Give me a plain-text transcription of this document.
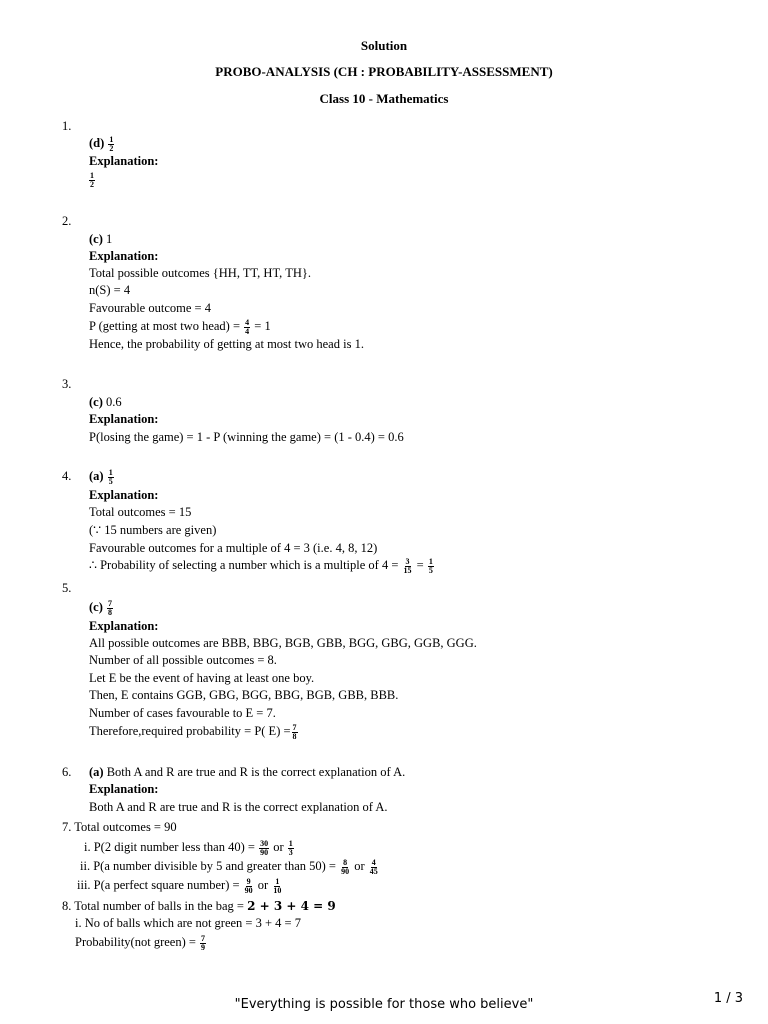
Solution
PROBO-ANALYSIS (CH : PROBABILITY-ASSESSMENT)
Class 10 - Mathematics
1.
$(d) \frac{1}{2}$
Explanation:
$\frac{1}{2}$
2.
(c) 1
Explanation:
Total possible outcomes {HH, TT, HT, TH}.
n(S) = 4
Favourable outcome = 4
P (getting at most two head) = $\frac{4}{4} = 1$
Hence, the probability of getting at most two head is 1.
3.
(c) 0.6
Explanation:
P(losing the game) = 1 - P (winning the game) = (1 - 0.4) = 0.6
4. $(a) \frac{1}{5}$
Explanation:
Total outcomes = 15
(∵ 15 numbers are given)
Favourable outcomes for a multiple of 4 = 3 (i.e. 4, 8, 12)
∴ Probability of selecting a number which is a multiple of $4 = \frac{3}{15} = \frac{1}{5}$
5.
$(c) \frac{7}{8}$
Explanation:
All possible outcomes are BBB, BBG, BGB, GBB, BGG, GBG, GGB, GGG.
Number of all possible outcomes = 8.
Let E be the event of having at least one boy.
Then, E contains GGB, GBG, BGG, BBG, BGB, GBB, BBB.
Number of cases favourable to E = 7.
Therefore,required probability = P( $E) = \frac{7}{8}$
6. (a) Both A and R are true and R is the correct explanation of A.
Explanation:
Both A and R are true and R is the correct explanation of A.
7. Total outcomes = 90
i. P(2 digit number less than $40) = \frac{30}{90}$ or $\frac{1}{3}$
ii. P(a number divisible by 5 and greater than $50) = \frac{8}{90}$ or $\frac{4}{45}$
iii. P(a perfect square number) = $\frac{9}{90}$ or $\frac{1}{10}$
8. Total number of balls in the bag = 2 + 3 + 4 = 9
i. No of balls which are not green = 3 + 4 = 7
Probability(not green) = $\frac{7}{9}$
"Everything is possible for those who believe"	1 / 3
